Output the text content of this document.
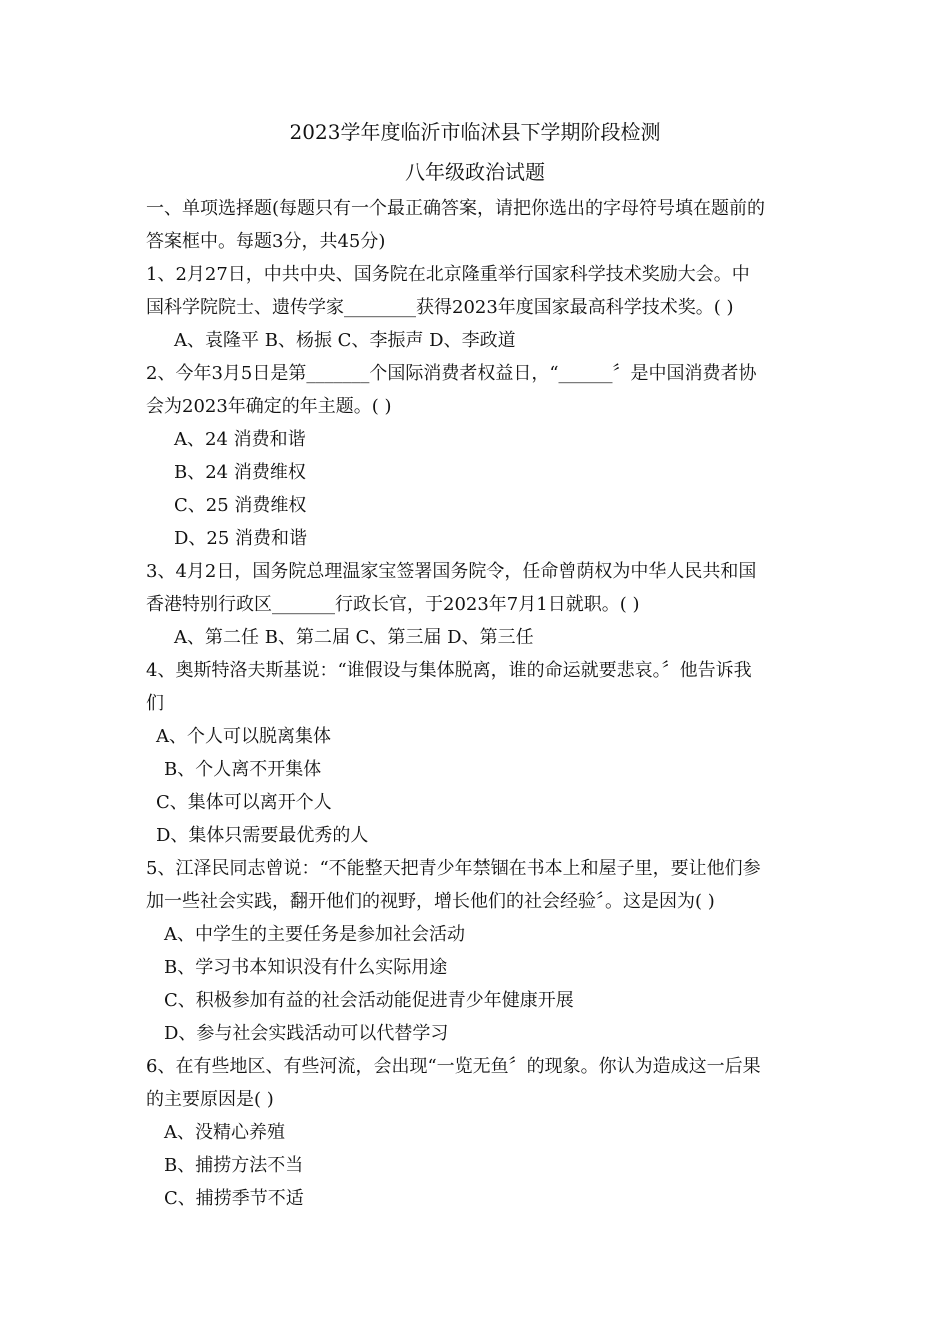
2023学年度临沂市临沭县下学期阶段检测
八年级政治试题
一、单项选择题(每题只有一个最正确答案，请把你选出的字母符号填在题前的
答案框中。每题3分，共45分)
1、2月27日，中共中央、国务院在北京隆重举行国家科学技术奖励大会。中
国科学院院士、遗传学家________获得2023年度国家最高科学技术奖。( )
A、袁隆平 B、杨振 C、李振声 D、李政道
2、今年3月5日是第_______个国际消费者权益日，“______〞是中国消费者协
会为2023年确定的年主题。( )
A、24 消费和谐
B、24 消费维权
C、25 消费维权
D、25 消费和谐
3、4月2日，国务院总理温家宝签署国务院令，任命曾荫权为中华人民共和国
香港特别行政区_______行政长官，于2023年7月1日就职。( )
A、第二任 B、第二届 C、第三届 D、第三任
4、奥斯特洛夫斯基说：“谁假设与集体脱离，谁的命运就要悲哀。〞他告诉我
们
A、个人可以脱离集体
B、个人离不开集体
C、集体可以离开个人
D、集体只需要最优秀的人
5、江泽民同志曾说：“不能整天把青少年禁锢在书本上和屋子里，要让他们参
加一些社会实践，翻开他们的视野，增长他们的社会经验〞。这是因为( )
A、中学生的主要任务是参加社会活动
B、学习书本知识没有什么实际用途
C、积极参加有益的社会活动能促进青少年健康开展
D、参与社会实践活动可以代替学习
6、在有些地区、有些河流，会出现“一览无鱼〞的现象。你认为造成这一后果
的主要原因是( )
A、没精心养殖
B、捕捞方法不当
C、捕捞季节不适
